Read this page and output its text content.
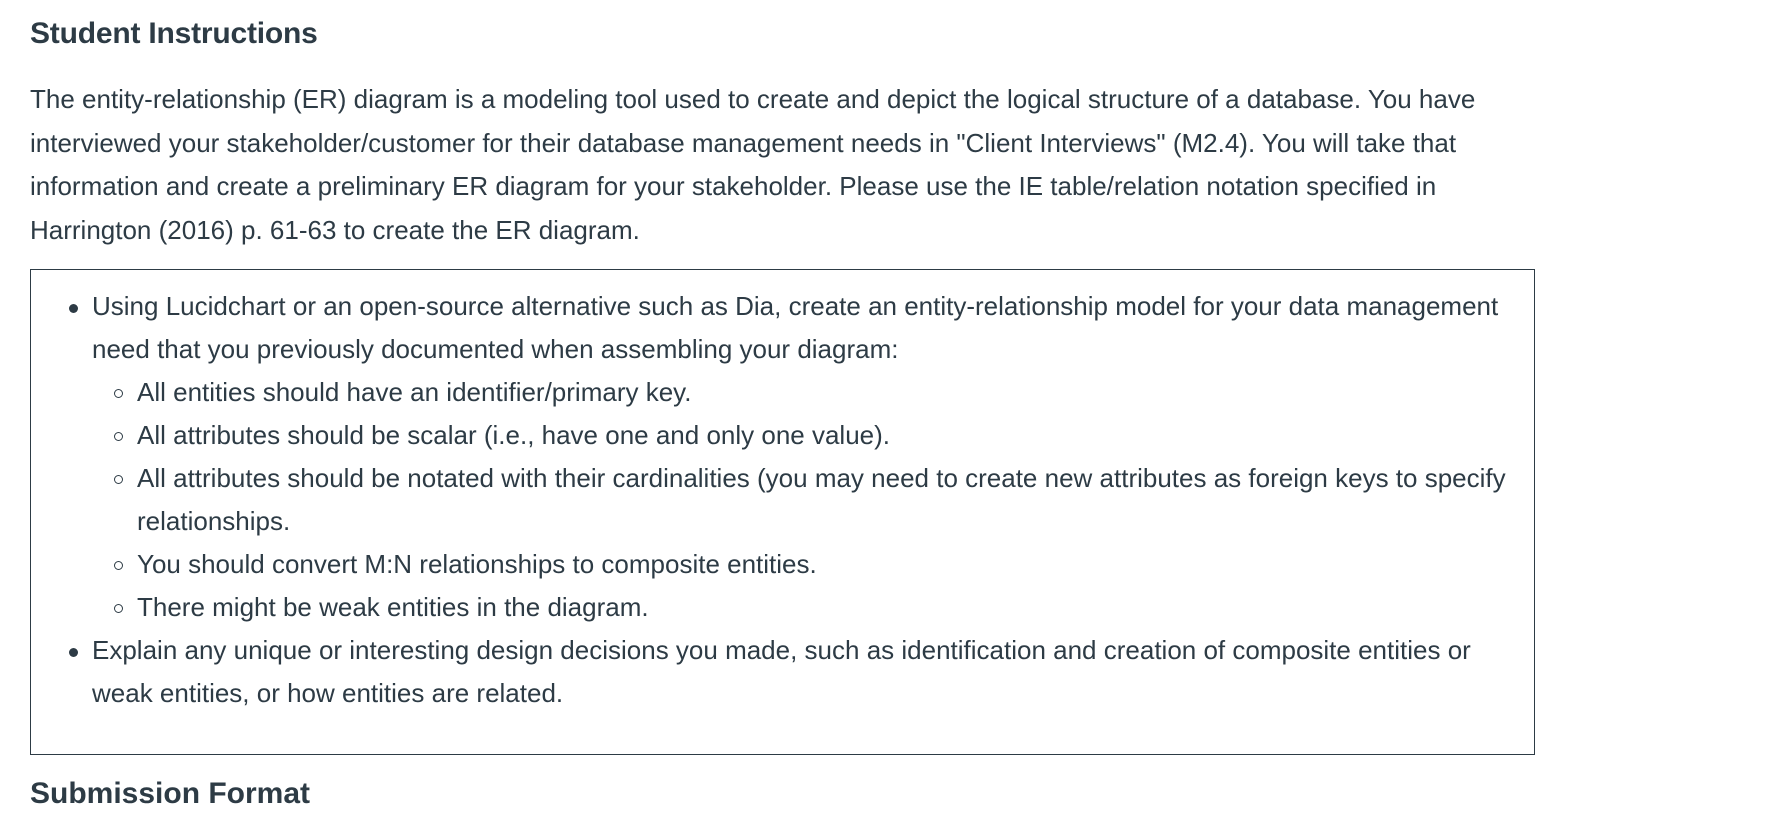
Student Instructions

The entity-relationship (ER) diagram is a modeling tool used to create and depict the logical structure of a database. You have interviewed your stakeholder/customer for their database management needs in "Client Interviews" (M2.4). You will take that information and create a preliminary ER diagram for your stakeholder. Please use the IE table/relation notation specified in Harrington (2016) p. 61-63 to create the ER diagram.

Using Lucidchart or an open-source alternative such as Dia, create an entity-relationship model for your data management need that you previously documented when assembling your diagram:
All entities should have an identifier/primary key.
All attributes should be scalar (i.e., have one and only one value).
All attributes should be notated with their cardinalities (you may need to create new attributes as foreign keys to specify relationships.
You should convert M:N relationships to composite entities.
There might be weak entities in the diagram.
Explain any unique or interesting design decisions you made, such as identification and creation of composite entities or weak entities, or how entities are related.
Submission Format
